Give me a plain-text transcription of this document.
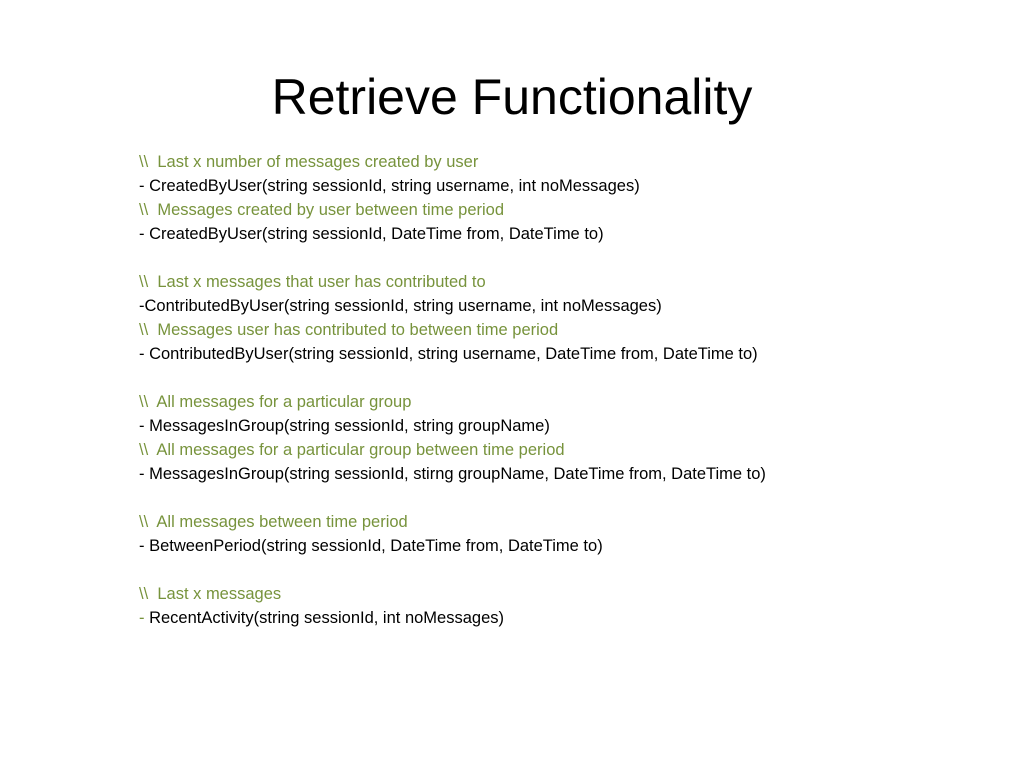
Retrieve Functionality
\\  Last x number of messages created by user
- CreatedByUser(string sessionId, string username, int noMessages)
\\  Messages created by user between time period
- CreatedByUser(string sessionId, DateTime from, DateTime to)
\\  Last x messages that user has contributed to
-ContributedByUser(string sessionId, string username, int noMessages)
\\  Messages user has contributed to between time period
- ContributedByUser(string sessionId, string username, DateTime from, DateTime to)
\\  All messages for a particular group
- MessagesInGroup(string sessionId, string groupName)
\\  All messages for a particular group between time period
- MessagesInGroup(string sessionId, stirng groupName, DateTime from, DateTime to)
\\  All messages between time period
- BetweenPeriod(string sessionId, DateTime from, DateTime to)
\\  Last x messages
- RecentActivity(string sessionId, int noMessages)
